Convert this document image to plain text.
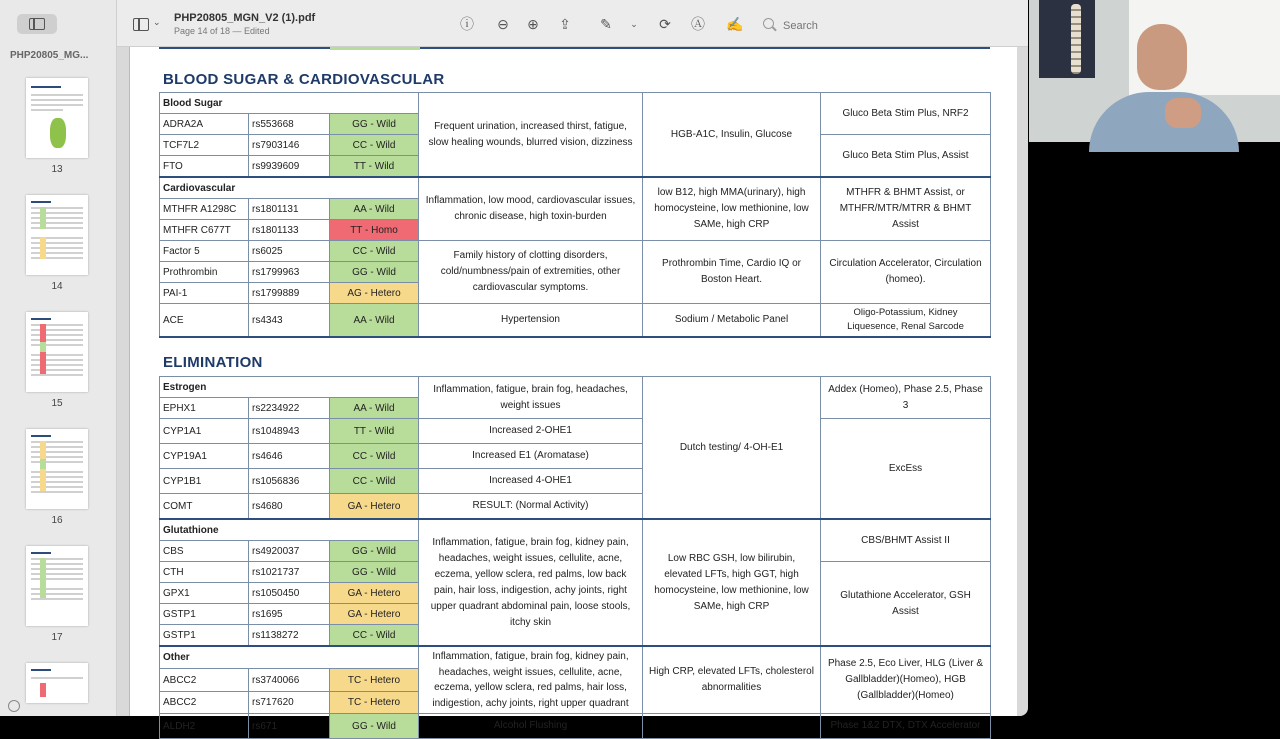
PHP20805_MG...
13
14
15
16
17
⌄ PHP20805_MGN_V2 (1).pdf
Page 14 of 18 — Edited	ⓘ ⊖ ⊕ ⇪ ✎	⌄	⟳ Ⓐ ✍
Search
BLOOD SUGAR & CARDIOVASCULAR
Blood Sugar			Frequent urination, increased thirst, fatigue, slow healing wounds, blurred vision, dizziness	HGB-A1C, Insulin, Glucose	Gluco Beta Stim Plus, NRF2
ADRA2A	rs553668	GG - Wild			
TCF7L2	rs7903146	CC - Wild			Gluco Beta Stim Plus, Assist
FTO	rs9939609	TT - Wild			
Cardiovascular			Inflammation, low mood, cardiovascular issues, chronic disease, high toxin-burden	low B12, high MMA(urinary), high homocysteine, low methionine, low SAMe, high CRP	MTHFR & BHMT Assist, or MTHFR/MTR/MTRR & BHMT Assist
MTHFR A1298C	rs1801131	AA - Wild			
MTHFR C677T	rs1801133	TT - Homo			
Factor 5	rs6025	CC - Wild	Family history of clotting disorders, cold/numbness/pain of extremities, other cardiovascular symptoms.	Prothrombin Time, Cardio IQ or Boston Heart.	Circulation Accelerator, Circulation (homeo).
Prothrombin	rs1799963	GG - Wild			
PAI-1	rs1799889	AG - Hetero			
ACE	rs4343	AA - Wild	Hypertension	Sodium / Metabolic Panel	Oligo-Potassium, Kidney Liquesence, Renal Sarcode
ELIMINATION
Estrogen			Inflammation, fatigue, brain fog, headaches, weight issues	Dutch testing/ 4-OH-E1	Addex (Homeo), Phase 2.5, Phase 3
EPHX1	rs2234922	AA - Wild			
CYP1A1	rs1048943	TT - Wild	Increased 2-OHE1		ExcEss
CYP19A1	rs4646	CC - Wild	Increased E1 (Aromatase)		
CYP1B1	rs1056836	CC - Wild	Increased 4-OHE1		
COMT	rs4680	GA - Hetero	RESULT: (Normal Activity)		
Glutathione			Inflammation, fatigue, brain fog, kidney pain, headaches, weight issues, cellulite, acne, eczema, yellow sclera, red palms, low back pain, hair loss, indigestion, achy joints, right upper quadrant abdominal pain, loose stools, itchy skin	Low RBC GSH, low bilirubin, elevated LFTs, high GGT, high homocysteine, low methionine, low SAMe, high CRP	CBS/BHMT Assist II
CBS	rs4920037	GG - Wild			
CTH	rs1021737	GG - Wild			Glutathione Accelerator, GSH Assist
GPX1	rs1050450	GA - Hetero			
GSTP1	rs1695	GA - Hetero			
GSTP1	rs1138272	CC - Wild			
Other			Inflammation, fatigue, brain fog, kidney pain, headaches, weight issues, cellulite, acne, eczema, yellow sclera, red palms, hair loss, indigestion, achy joints, right upper quadrant	High CRP, elevated LFTs, cholesterol abnormalities	Phase 2.5, Eco Liver, HLG (Liver & Gallbladder)(Homeo), HGB (Gallbladder)(Homeo)
ABCC2	rs3740066	TC - Hetero			
ABCC2	rs717620	TC - Hetero			
ALDH2	rs671	GG - Wild	Alcohol Flushing		Phase 1&2 DTX, DTX Accelerator
